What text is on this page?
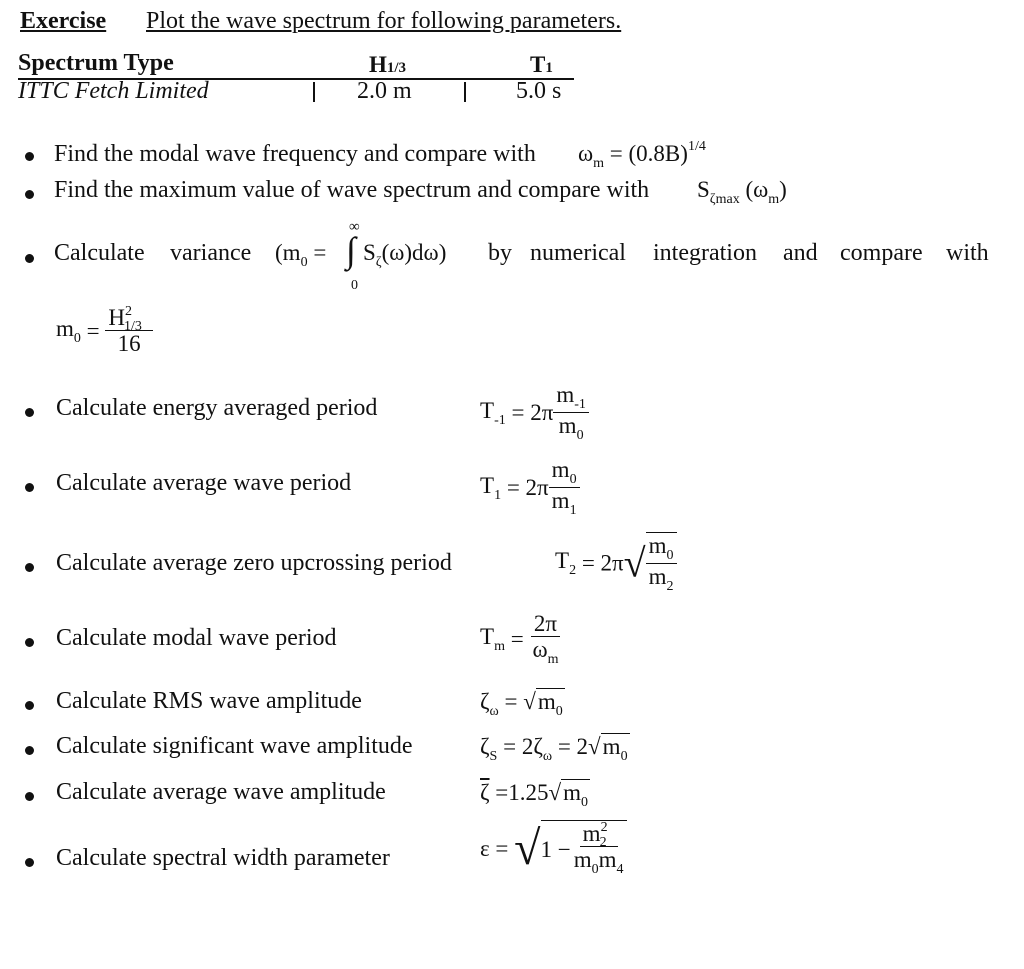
Exercise Plot the wave spectrum for following parameters.
Spectrum Type	H1/3	T1
ITTC Fetch Limited	2.0 m	5.0 s
Find the modal wave frequency and compare with $\omega_m = (0.8B)^{1/4}$
Find the maximum value of wave spectrum and compare with $S_{\zeta max}$ $(\omega_m)$
Calculate variance ($m_0$ =
∞
∫
0
$S_\zeta(\omega)d\omega$) by numerical integration and compare with
$m_0 = \frac{H^2_{1/3}}{16}$
Calculate energy averaged period	$T_{-1} = 2\pi \frac{m_{-1}}{m_0}$
Calculate average wave period	$T_1 = 2\pi \frac{m_0}{m_1}$
Calculate average zero upcrossing period	$T_2 = 2\pi√ \frac{m_0}{m_2}$
Calculate modal wave period	$T_m = \frac{2\pi}{\omega_m}$
Calculate RMS wave amplitude	$\zeta_\omega = √m_0$
Calculate significant wave amplitude	$\zeta_S = 2\zeta_\omega = 2√m_0$
Calculate average wave amplitude	$\overline{\zeta} =1.25√m_0$
Calculate spectral width parameter	ε = √ $1 - \frac{m^2_2}{m_0m_4}$
